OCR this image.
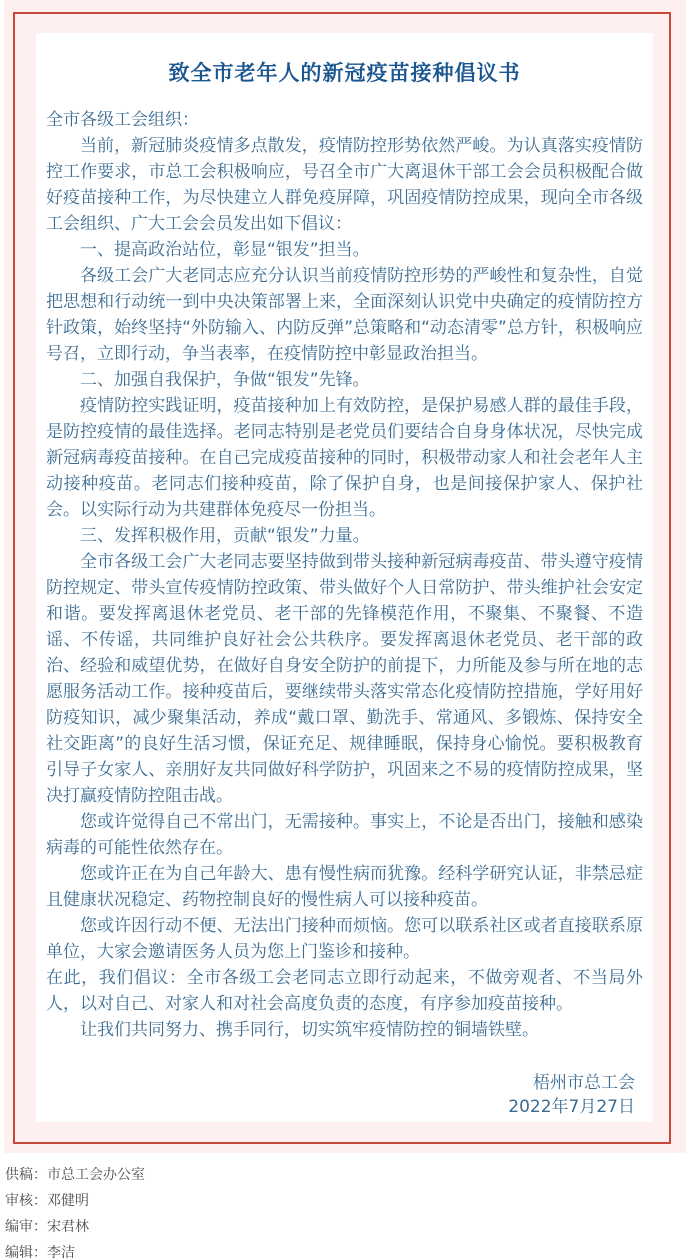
致全市老年人的新冠疫苗接种倡议书

全市各级工会组织：

当前，新冠肺炎疫情多点散发，疫情防控形势依然严峻。为认真落实疫情防控工作要求，市总工会积极响应，号召全市广大离退休干部工会会员积极配合做好疫苗接种工作，为尽快建立人群免疫屏障，巩固疫情防控成果，现向全市各级工会组织、广大工会会员发出如下倡议：

一、提高政治站位，彰显“银发”担当。

各级工会广大老同志应充分认识当前疫情防控形势的严峻性和复杂性，自觉把思想和行动统一到中央决策部署上来，全面深刻认识党中央确定的疫情防控方针政策，始终坚持“外防输入、内防反弹”总策略和“动态清零”总方针，积极响应号召，立即行动，争当表率，在疫情防控中彰显政治担当。

二、加强自我保护，争做“银发”先锋。

疫情防控实践证明，疫苗接种加上有效防控，是保护易感人群的最佳手段，是防控疫情的最佳选择。老同志特别是老党员们要结合自身身体状况，尽快完成新冠病毒疫苗接种。在自己完成疫苗接种的同时，积极带动家人和社会老年人主动接种疫苗。老同志们接种疫苗，除了保护自身，也是间接保护家人、保护社会。以实际行动为共建群体免疫尽一份担当。

三、发挥积极作用，贡献“银发”力量。

全市各级工会广大老同志要坚持做到带头接种新冠病毒疫苗、带头遵守疫情防控规定、带头宣传疫情防控政策、带头做好个人日常防护、带头维护社会安定和谐。要发挥离退休老党员、老干部的先锋模范作用，不聚集、不聚餐、不造谣、不传谣，共同维护良好社会公共秩序。要发挥离退休老党员、老干部的政治、经验和威望优势，在做好自身安全防护的前提下，力所能及参与所在地的志愿服务活动工作。接种疫苗后，要继续带头落实常态化疫情防控措施，学好用好防疫知识，减少聚集活动，养成“戴口罩、勤洗手、常通风、多锻炼、保持安全社交距离”的良好生活习惯，保证充足、规律睡眠，保持身心愉悦。要积极教育引导子女家人、亲朋好友共同做好科学防护，巩固来之不易的疫情防控成果，坚决打赢疫情防控阻击战。

您或许觉得自己不常出门，无需接种。事实上，不论是否出门，接触和感染病毒的可能性依然存在。

您或许正在为自己年龄大、患有慢性病而犹豫。经科学研究认证，非禁忌症且健康状况稳定、药物控制良好的慢性病人可以接种疫苗。

您或许因行动不便、无法出门接种而烦恼。您可以联系社区或者直接联系原单位，大家会邀请医务人员为您上门鉴诊和接种。

在此，我们倡议：全市各级工会老同志立即行动起来，不做旁观者、不当局外人，以对自己、对家人和对社会高度负责的态度，有序参加疫苗接种。

让我们共同努力、携手同行，切实筑牢疫情防控的铜墙铁壁。

梧州市总工会
2022年7月27日
供稿：市总工会办公室
审核：邓健明
编审：宋君林
编辑：李洁
